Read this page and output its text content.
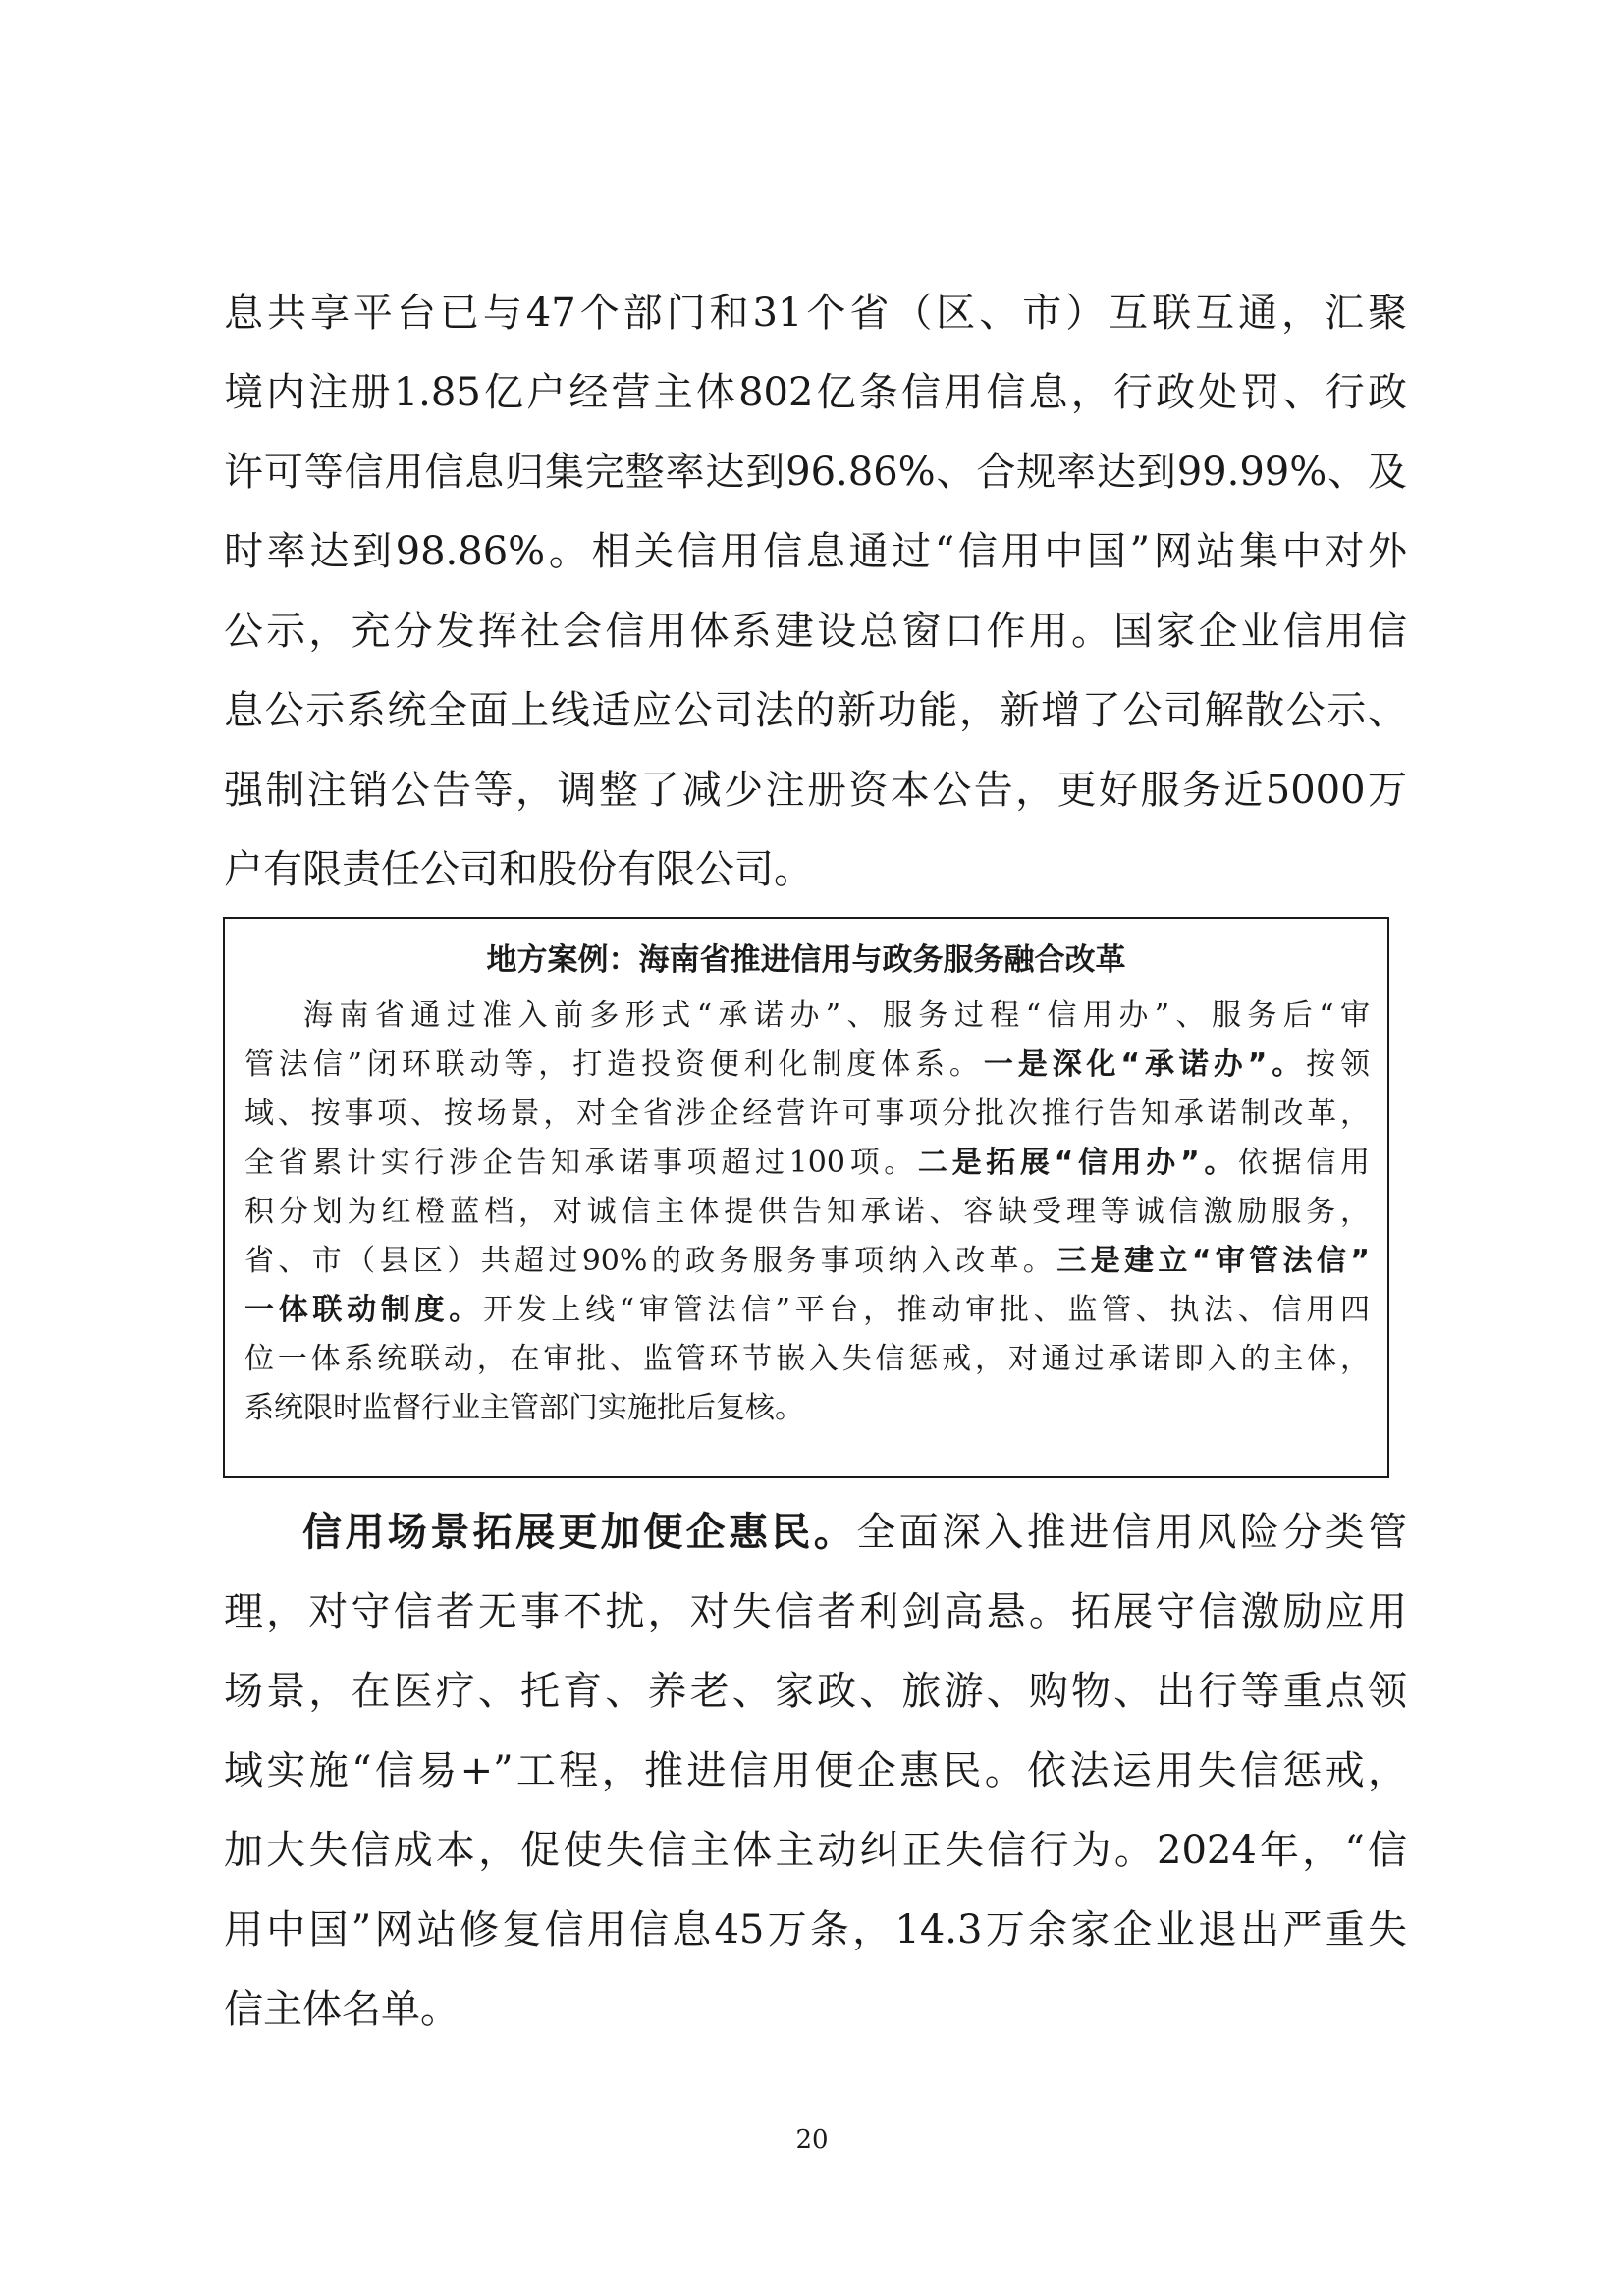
息共享平台已与47个部门和31个省（区、市）互联互通，汇聚
境内注册1.85亿户经营主体802亿条信用信息，行政处罚、行政
许可等信用信息归集完整率达到96.86%、合规率达到99.99%、及
时率达到98.86%。相关信用信息通过“信用中国”网站集中对外
公示，充分发挥社会信用体系建设总窗口作用。国家企业信用信
息公示系统全面上线适应公司法的新功能，新增了公司解散公示、
强制注销公告等，调整了减少注册资本公告，更好服务近5000万
户有限责任公司和股份有限公司。
地方案例：海南省推进信用与政务服务融合改革
海南省通过准入前多形式“承诺办”、服务过程“信用办”、服务后“审
管法信”闭环联动等，打造投资便利化制度体系。一是深化“承诺办”。按领
域、按事项、按场景，对全省涉企经营许可事项分批次推行告知承诺制改革，
全省累计实行涉企告知承诺事项超过100项。二是拓展“信用办”。依据信用
积分划为红橙蓝档，对诚信主体提供告知承诺、容缺受理等诚信激励服务，
省、市（县区）共超过90%的政务服务事项纳入改革。三是建立“审管法信”
一体联动制度。开发上线“审管法信”平台，推动审批、监管、执法、信用四
位一体系统联动，在审批、监管环节嵌入失信惩戒，对通过承诺即入的主体，
系统限时监督行业主管部门实施批后复核。
信用场景拓展更加便企惠民。全面深入推进信用风险分类管
理，对守信者无事不扰，对失信者利剑高悬。拓展守信激励应用
场景，在医疗、托育、养老、家政、旅游、购物、出行等重点领
域实施“信易+”工程，推进信用便企惠民。依法运用失信惩戒，
加大失信成本，促使失信主体主动纠正失信行为。2024年，“信
用中国”网站修复信用信息45万条，14.3万余家企业退出严重失
信主体名单。
20
